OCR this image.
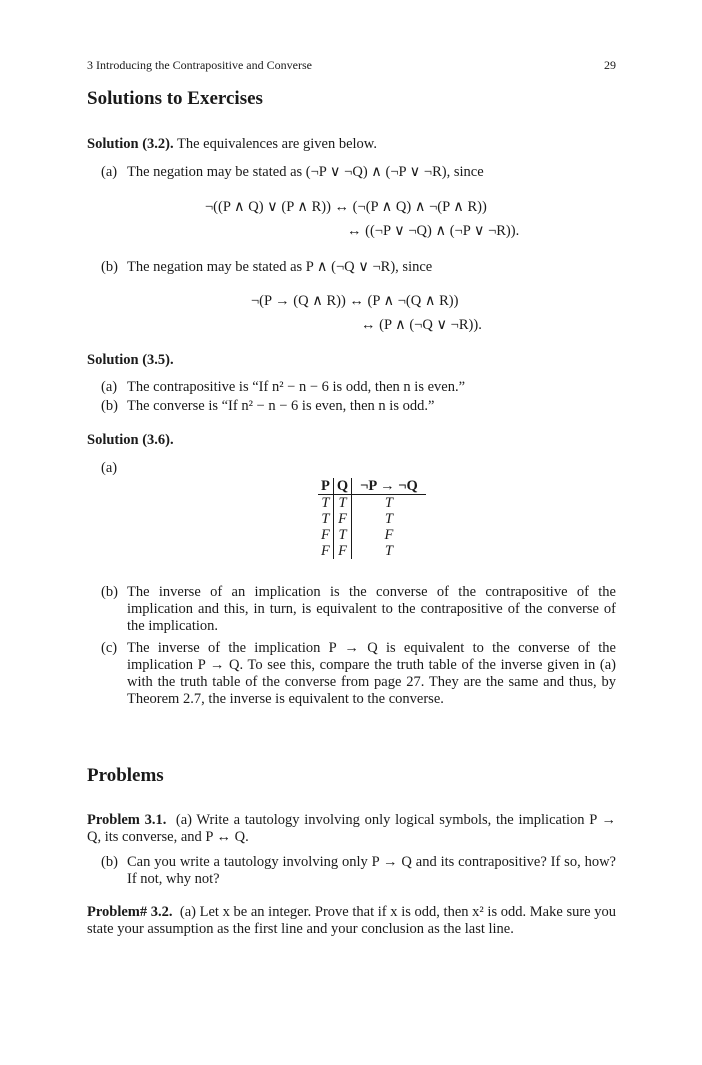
3 Introducing the Contrapositive and Converse	29
Solutions to Exercises
Solution (3.2). The equivalences are given below.
(a) The negation may be stated as (¬P ∨ ¬Q) ∧ (¬P ∨ ¬R), since
¬((P ∧ Q) ∨ (P ∧ R)) ↔ (¬(P ∧ Q) ∧ ¬(P ∧ R))
↔ ((¬P ∨ ¬Q) ∧ (¬P ∨ ¬R)).
(b) The negation may be stated as P ∧ (¬Q ∨ ¬R), since
¬(P → (Q ∧ R)) ↔ (P ∧ ¬(Q ∧ R))
↔ (P ∧ (¬Q ∨ ¬R)).
Solution (3.5).
(a) The contrapositive is “If n² − n − 6 is odd, then n is even.”
(b) The converse is “If n² − n − 6 is even, then n is odd.”
Solution (3.6).
(a)
P	Q	¬P → ¬Q
T	T	T
T	F	T
F	T	F
F	F	T
(b) The inverse of an implication is the converse of the contrapositive of the implication and this, in turn, is equivalent to the contrapositive of the converse of the implication.
(c) The inverse of the implication P → Q is equivalent to the converse of the implication P → Q. To see this, compare the truth table of the inverse given in (a) with the truth table of the converse from page 27. They are the same and thus, by Theorem 2.7, the inverse is equivalent to the converse.
Problems
Problem 3.1. (a) Write a tautology involving only logical symbols, the implication P → Q, its converse, and P ↔ Q.
(b) Can you write a tautology involving only P → Q and its contrapositive? If so, how? If not, why not?
Problem# 3.2. (a) Let x be an integer. Prove that if x is odd, then x² is odd. Make sure you state your assumption as the first line and your conclusion as the last line.
